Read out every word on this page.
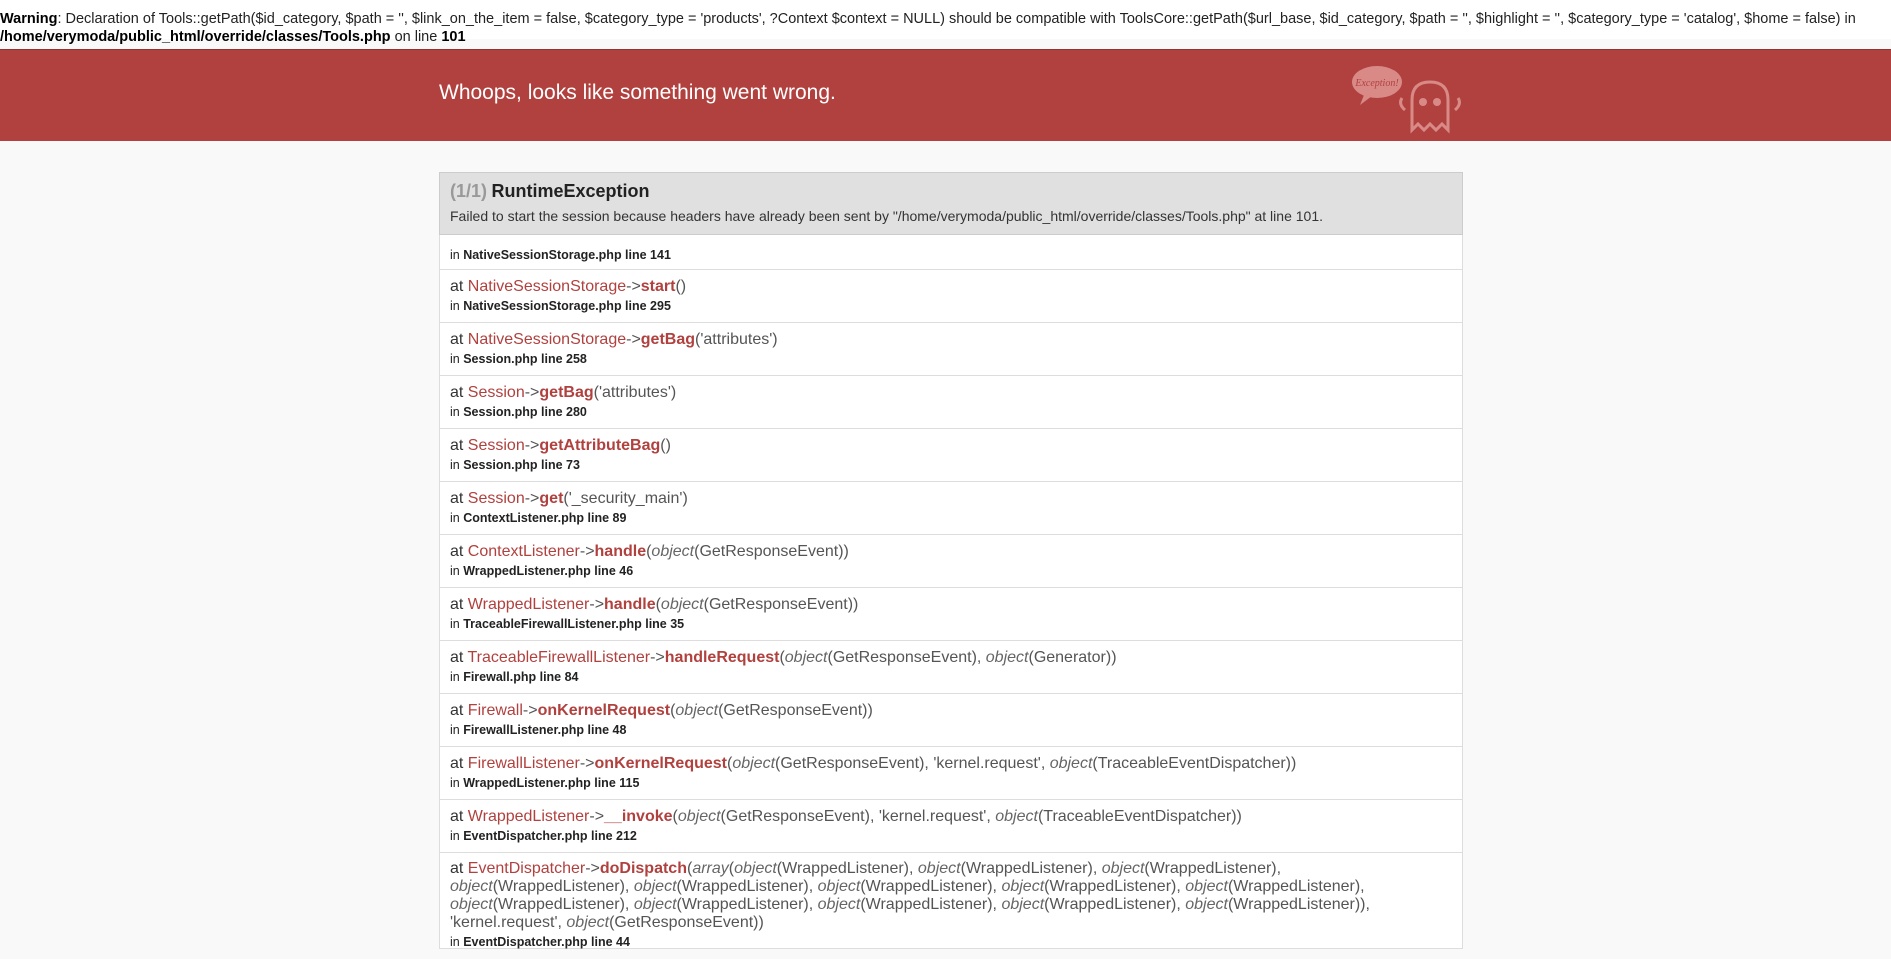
Warning: Declaration of Tools::getPath($id_category, $path = '', $link_on_the_item = false, $category_type = 'products', ?Context $context = NULL) should be compatible with ToolsCore::getPath($url_base, $id_category, $path = '', $highlight = '', $category_type = 'catalog', $home = false) in
/home/verymoda/public_html/override/classes/Tools.php on line 101
Whoops, looks like something went wrong.	Exception!
(1/1) RuntimeException
Failed to start the session because headers have already been sent by "/home/verymoda/public_html/override/classes/Tools.php" at line 101.
in NativeSessionStorage.php line 141
at NativeSessionStorage->start()
in NativeSessionStorage.php line 295
at NativeSessionStorage->getBag('attributes')
in Session.php line 258
at Session->getBag('attributes')
in Session.php line 280
at Session->getAttributeBag()
in Session.php line 73
at Session->get('_security_main')
in ContextListener.php line 89
at ContextListener->handle(object(GetResponseEvent))
in WrappedListener.php line 46
at WrappedListener->handle(object(GetResponseEvent))
in TraceableFirewallListener.php line 35
at TraceableFirewallListener->handleRequest(object(GetResponseEvent), object(Generator))
in Firewall.php line 84
at Firewall->onKernelRequest(object(GetResponseEvent))
in FirewallListener.php line 48
at FirewallListener->onKernelRequest(object(GetResponseEvent), 'kernel.request', object(TraceableEventDispatcher))
in WrappedListener.php line 115
at WrappedListener->__invoke(object(GetResponseEvent), 'kernel.request', object(TraceableEventDispatcher))
in EventDispatcher.php line 212
at EventDispatcher->doDispatch(array(object(WrappedListener), object(WrappedListener), object(WrappedListener), object(WrappedListener), object(WrappedListener), object(WrappedListener), object(WrappedListener), object(WrappedListener), object(WrappedListener), object(WrappedListener), object(WrappedListener), object(WrappedListener), object(WrappedListener)), 'kernel.request', object(GetResponseEvent))
in EventDispatcher.php line 44
